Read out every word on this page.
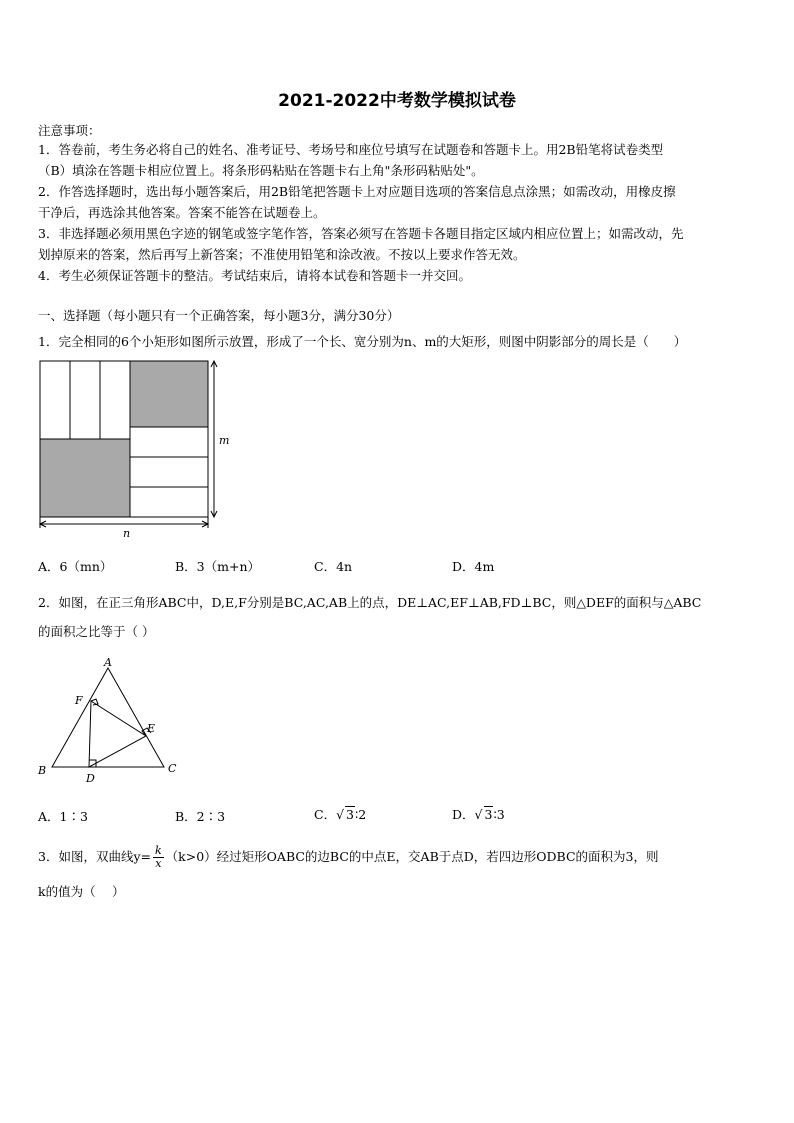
2021-2022中考数学模拟试卷
注意事项：
1．答卷前，考生务必将自己的姓名、准考证号、考场号和座位号填写在试题卷和答题卡上。用2B铅笔将试卷类型
（B）填涂在答题卡相应位置上。将条形码粘贴在答题卡右上角"条形码粘贴处"。
2．作答选择题时，选出每小题答案后，用2B铅笔把答题卡上对应题目选项的答案信息点涂黑；如需改动，用橡皮擦
干净后，再选涂其他答案。答案不能答在试题卷上。
3．非选择题必须用黑色字迹的钢笔或签字笔作答，答案必须写在答题卡各题目指定区域内相应位置上；如需改动，先
划掉原来的答案，然后再写上新答案；不准使用铅笔和涂改液。不按以上要求作答无效。
4．考生必须保证答题卡的整洁。考试结束后，请将本试卷和答题卡一并交回。
一、选择题（每小题只有一个正确答案，每小题3分，满分30分）
1．完全相同的6个小矩形如图所示放置，形成了一个长、宽分别为n、m的大矩形，则图中阴影部分的周长是（　　）
m
n
A．6（mn）	B．3（m+n）	C．4n	D．4m
2．如图，在正三角形ABC中，D,E,F分别是BC,AC,AB上的点，DE⊥AC,EF⊥AB,FD⊥BC，则△DEF的面积与△ABC
的面积之比等于（ ）
A
B	C
D
E
F
A．1∶3	B．2∶3	C．√ 3∶2	D．√ 3∶3
3．如图，双曲线$y= \frac{k}{x} (k>0)$经过矩形OABC的边BC的中点E，交AB于点D，若四边形ODBC的面积为3，则
k的值为（　 ）
